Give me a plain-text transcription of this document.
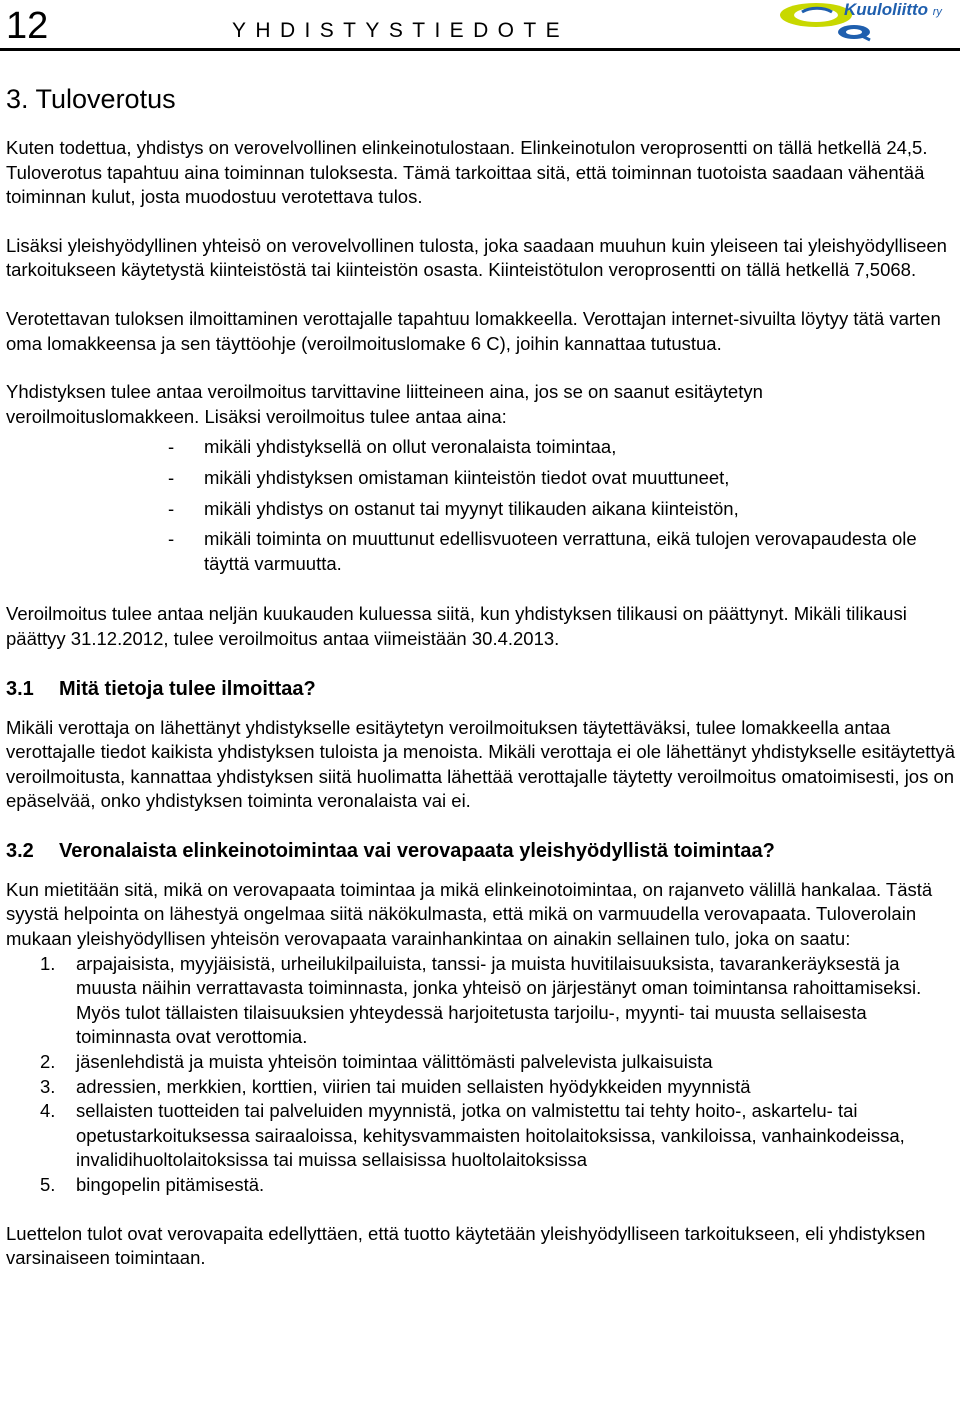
12	YHDISTYSTIEDOTE
Kuuloliitto ry
3. Tuloverotus

Kuten todettua, yhdistys on verovelvollinen elinkeinotulostaan. Elinkeinotulon veroprosentti on tällä hetkellä 24,5. Tuloverotus tapahtuu aina toiminnan tuloksesta. Tämä tarkoittaa sitä, että toiminnan tuotoista saadaan vähentää toiminnan kulut, josta muodostuu verotettava tulos.

Lisäksi yleishyödyllinen yhteisö on verovelvollinen tulosta, joka saadaan muuhun kuin yleiseen tai yleishyödylliseen tarkoitukseen käytetystä kiinteistöstä tai kiinteistön osasta. Kiinteistötulon veroprosentti on tällä hetkellä 7,5068.

Verotettavan tuloksen ilmoittaminen verottajalle tapahtuu lomakkeella. Verottajan internet-sivuilta löytyy tätä varten oma lomakkeensa ja sen täyttöohje (veroilmoituslomake 6 C), joihin kannattaa tutustua.

Yhdistyksen tulee antaa veroilmoitus tarvittavine liitteineen aina, jos se on saanut esitäytetyn veroilmoituslomakkeen. Lisäksi veroilmoitus tulee antaa aina:

- mikäli yhdistyksellä on ollut veronalaista toimintaa,
- mikäli yhdistyksen omistaman kiinteistön tiedot ovat muuttuneet,
- mikäli yhdistys on ostanut tai myynyt tilikauden aikana kiinteistön,
- mikäli toiminta on muuttunut edellisvuoteen verrattuna, eikä tulojen verovapaudesta ole täyttä varmuutta.

Veroilmoitus tulee antaa neljän kuukauden kuluessa siitä, kun yhdistyksen tilikausi on päättynyt. Mikäli tilikausi päättyy 31.12.2012, tulee veroilmoitus antaa viimeistään 30.4.2013.

3.1 Mitä tietoja tulee ilmoittaa?

Mikäli verottaja on lähettänyt yhdistykselle esitäytetyn veroilmoituksen täytettäväksi, tulee lomakkeella antaa verottajalle tiedot kaikista yhdistyksen tuloista ja menoista. Mikäli verottaja ei ole lähettänyt yhdistykselle esitäytettyä veroilmoitusta, kannattaa yhdistyksen siitä huolimatta lähettää verottajalle täytetty veroilmoitus omatoimisesti, jos on epäselvää, onko yhdistyksen toiminta veronalaista vai ei.

3.2 Veronalaista elinkeinotoimintaa vai verovapaata yleishyödyllistä toimintaa?

Kun mietitään sitä, mikä on verovapaata toimintaa ja mikä elinkeinotoimintaa, on rajanveto välillä hankalaa. Tästä syystä helpointa on lähestyä ongelmaa siitä näkökulmasta, että mikä on varmuudella verovapaata. Tuloverolain mukaan yleishyödyllisen yhteisön verovapaata varainhankintaa on ainakin sellainen tulo, joka on saatu:

1. arpajaisista, myyjäisistä, urheilukilpailuista, tanssi- ja muista huvitilaisuuksista, tavarankeräyksestä ja muusta näihin verrattavasta toiminnasta, jonka yhteisö on järjestänyt oman toimintansa rahoittamiseksi. Myös tulot tällaisten tilaisuuksien yhteydessä harjoitetusta tarjoilu-, myynti- tai muusta sellaisesta toiminnasta ovat verottomia.
2. jäsenlehdistä ja muista yhteisön toimintaa välittömästi palvelevista julkaisuista
3. adressien, merkkien, korttien, viirien tai muiden sellaisten hyödykkeiden myynnistä
4. sellaisten tuotteiden tai palveluiden myynnistä, jotka on valmistettu tai tehty hoito-, askartelu- tai opetustarkoituksessa sairaaloissa, kehitysvammaisten hoitolaitoksissa, vankiloissa, vanhainkodeissa, invalidihuoltolaitoksissa tai muissa sellaisissa huoltolaitoksissa
5. bingopelin pitämisestä.

Luettelon tulot ovat verovapaita edellyttäen, että tuotto käytetään yleishyödylliseen tarkoitukseen, eli yhdistyksen varsinaiseen toimintaan.
